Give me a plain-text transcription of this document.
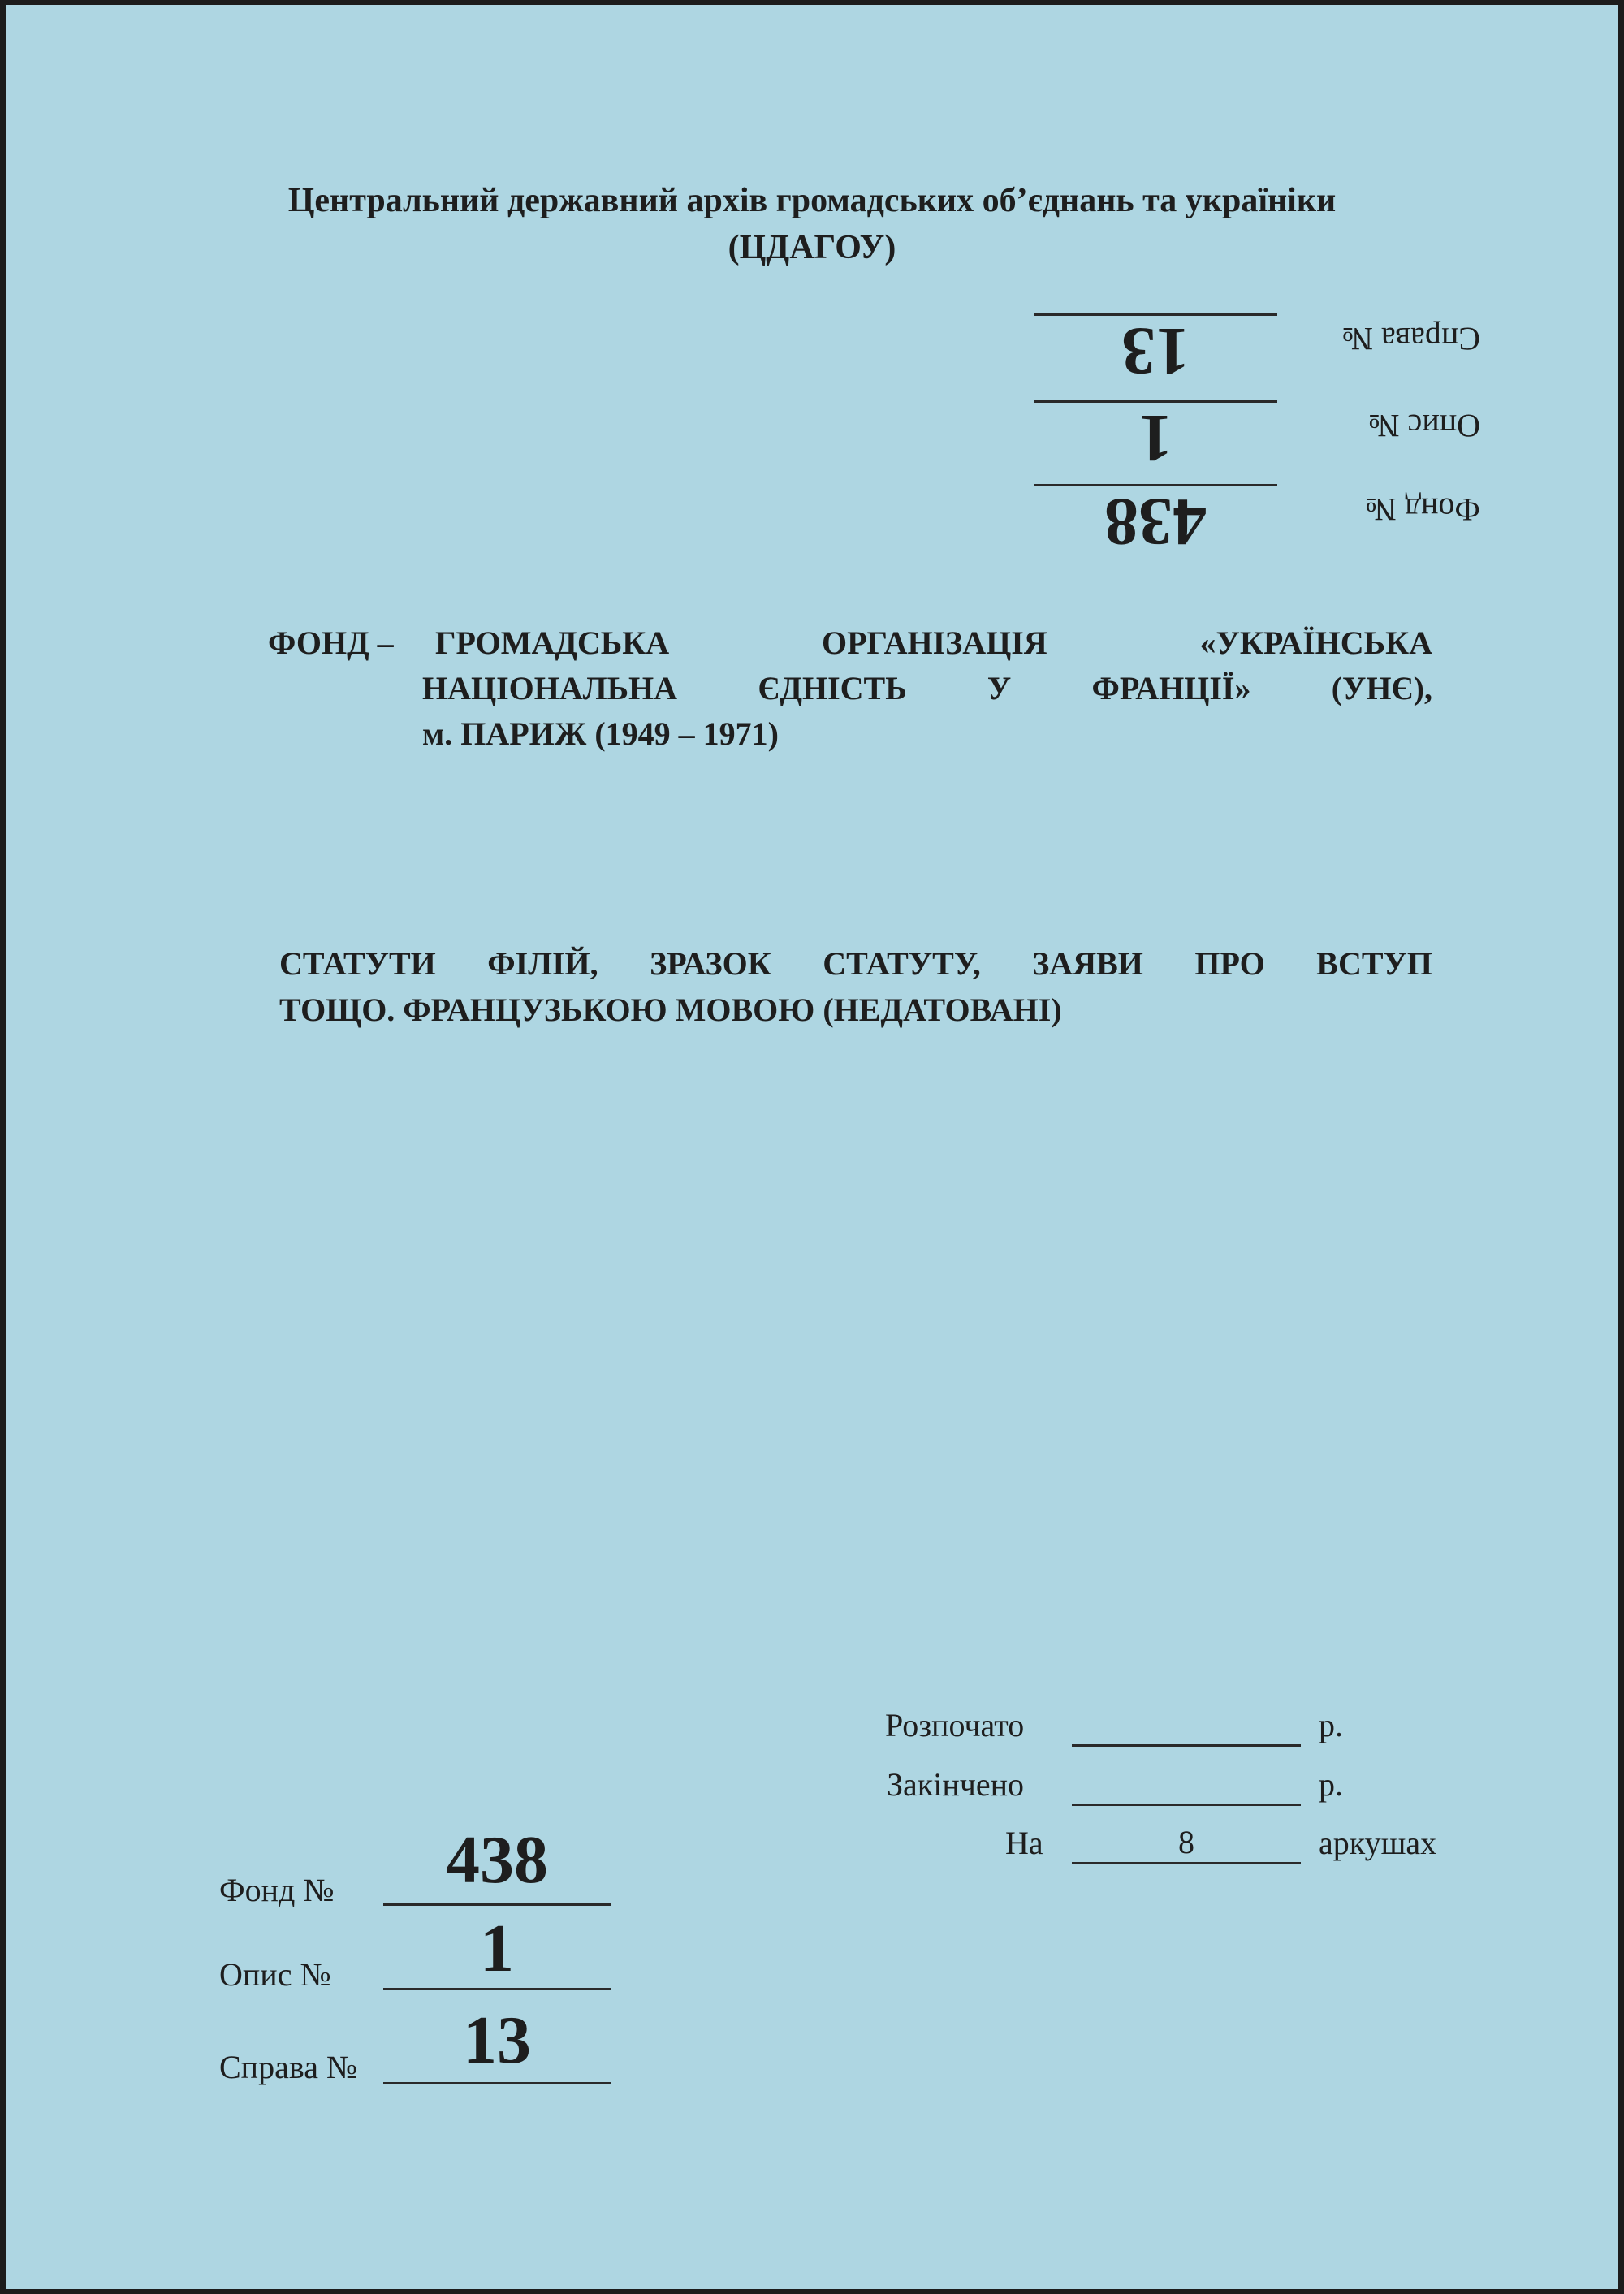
Центральний державний архів громадських об’єднань та україніки
(ЦДАГОУ)
Фонд №
438
Опис №
1
Справа №
13
ФОНД – ГРОМАДСЬКА	ОРГАНІЗАЦІЯ	«УКРАЇНСЬКА
НАЦІОНАЛЬНА ЄДНІСТЬ У ФРАНЦІЇ» (УНЄ),
м. ПАРИЖ (1949 – 1971)
СТАТУТИ ФІЛІЙ, ЗРАЗОК СТАТУТУ, ЗАЯВИ ПРО ВСТУП
ТОЩО. ФРАНЦУЗЬКОЮ МОВОЮ (НЕДАТОВАНІ)
Розпочато	р.
Закінчено	р.
На	8	аркушах
Фонд №	438
Опис №	1
Справа №	13
